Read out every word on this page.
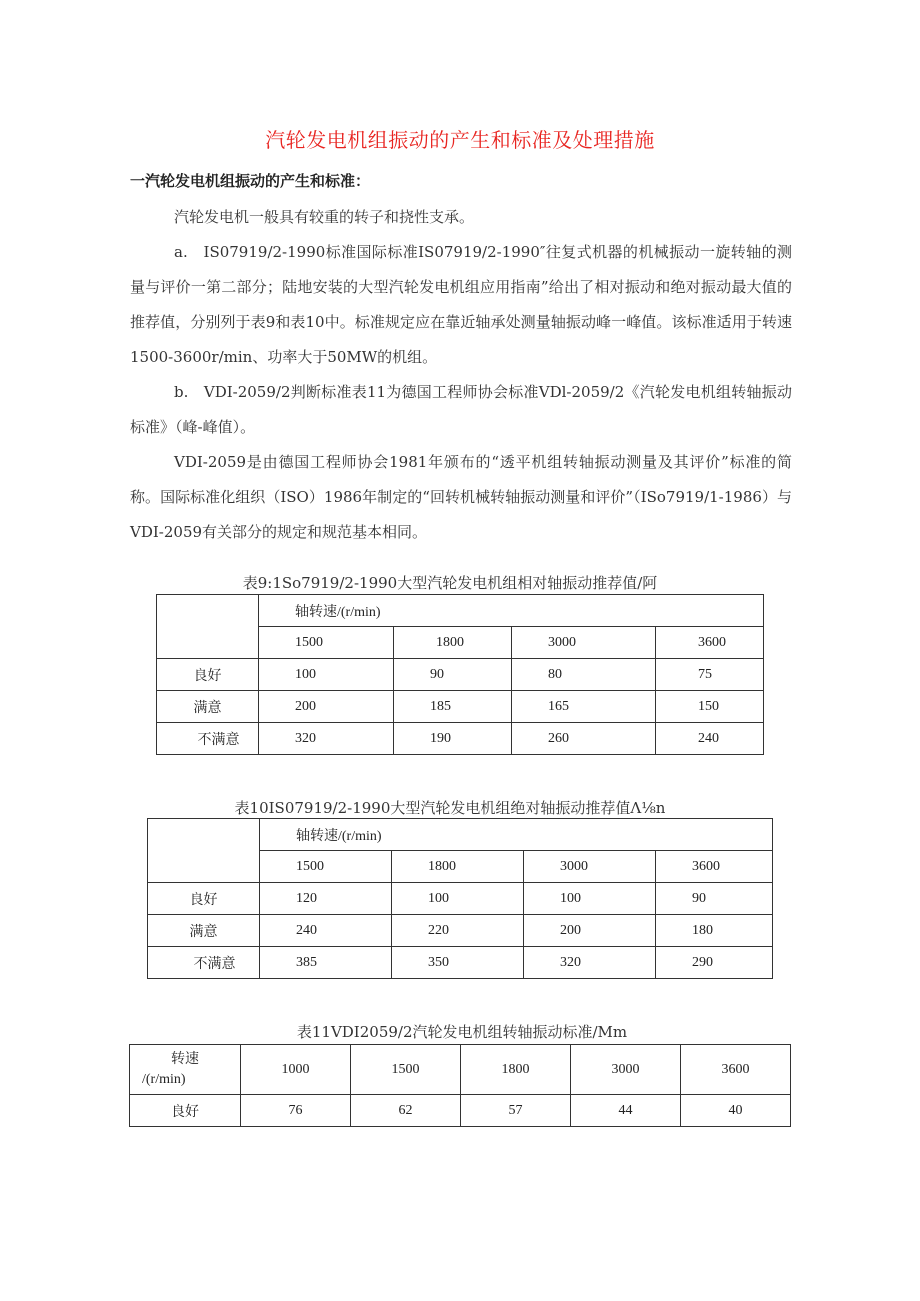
汽轮发电机组振动的产生和标准及处理措施
一汽轮发电机组振动的产生和标准：

汽轮发电机一般具有较重的转子和挠性支承。

a.　IS07919/2-1990标准国际标准IS07919/2-1990″往复式机器的机械振动一旋转轴的测量与评价一第二部分；陆地安装的大型汽轮发电机组应用指南”给出了相对振动和绝对振动最大值的推荐值，分别列于表9和表10中。标准规定应在靠近轴承处测量轴振动峰一峰值。该标准适用于转速1500-3600r/min、功率大于50MW的机组。

b.　VDI-2059/2判断标准表11为德国工程师协会标准VDl-2059/2《汽轮发电机组转轴振动标准》（峰-峰值）。

VDI-2059是由德国工程师协会1981年颁布的“透平机组转轴振动测量及其评价”标准的简称。国际标准化组织（ISO）1986年制定的“回转机械转轴振动测量和评价”（ISo7919/1-1986）与VDI-2059有关部分的规定和规范基本相同。

表9:1So7919/2-1990大型汽轮发电机组相对轴振动推荐值/阿
	轴转速/(r/min)			
	1500	1800	3000	3600
良好	100	90	80	75
满意	200	185	165	150
不满意	320	190	260	240
表10IS07919/2-1990大型汽轮发电机组绝对轴振动推荐值Λ⅛n
	轴转速/(r/min)			
	1500	1800	3000	3600
良好	120	100	100	90
满意	240	220	200	180
不满意	385	350	320	290
表11VDI2059/2汽轮发电机组转轴振动标准/Mm
转速
/(r/min)	1000	1500	1800	3000	3600
良好	76	62	57	44	40
